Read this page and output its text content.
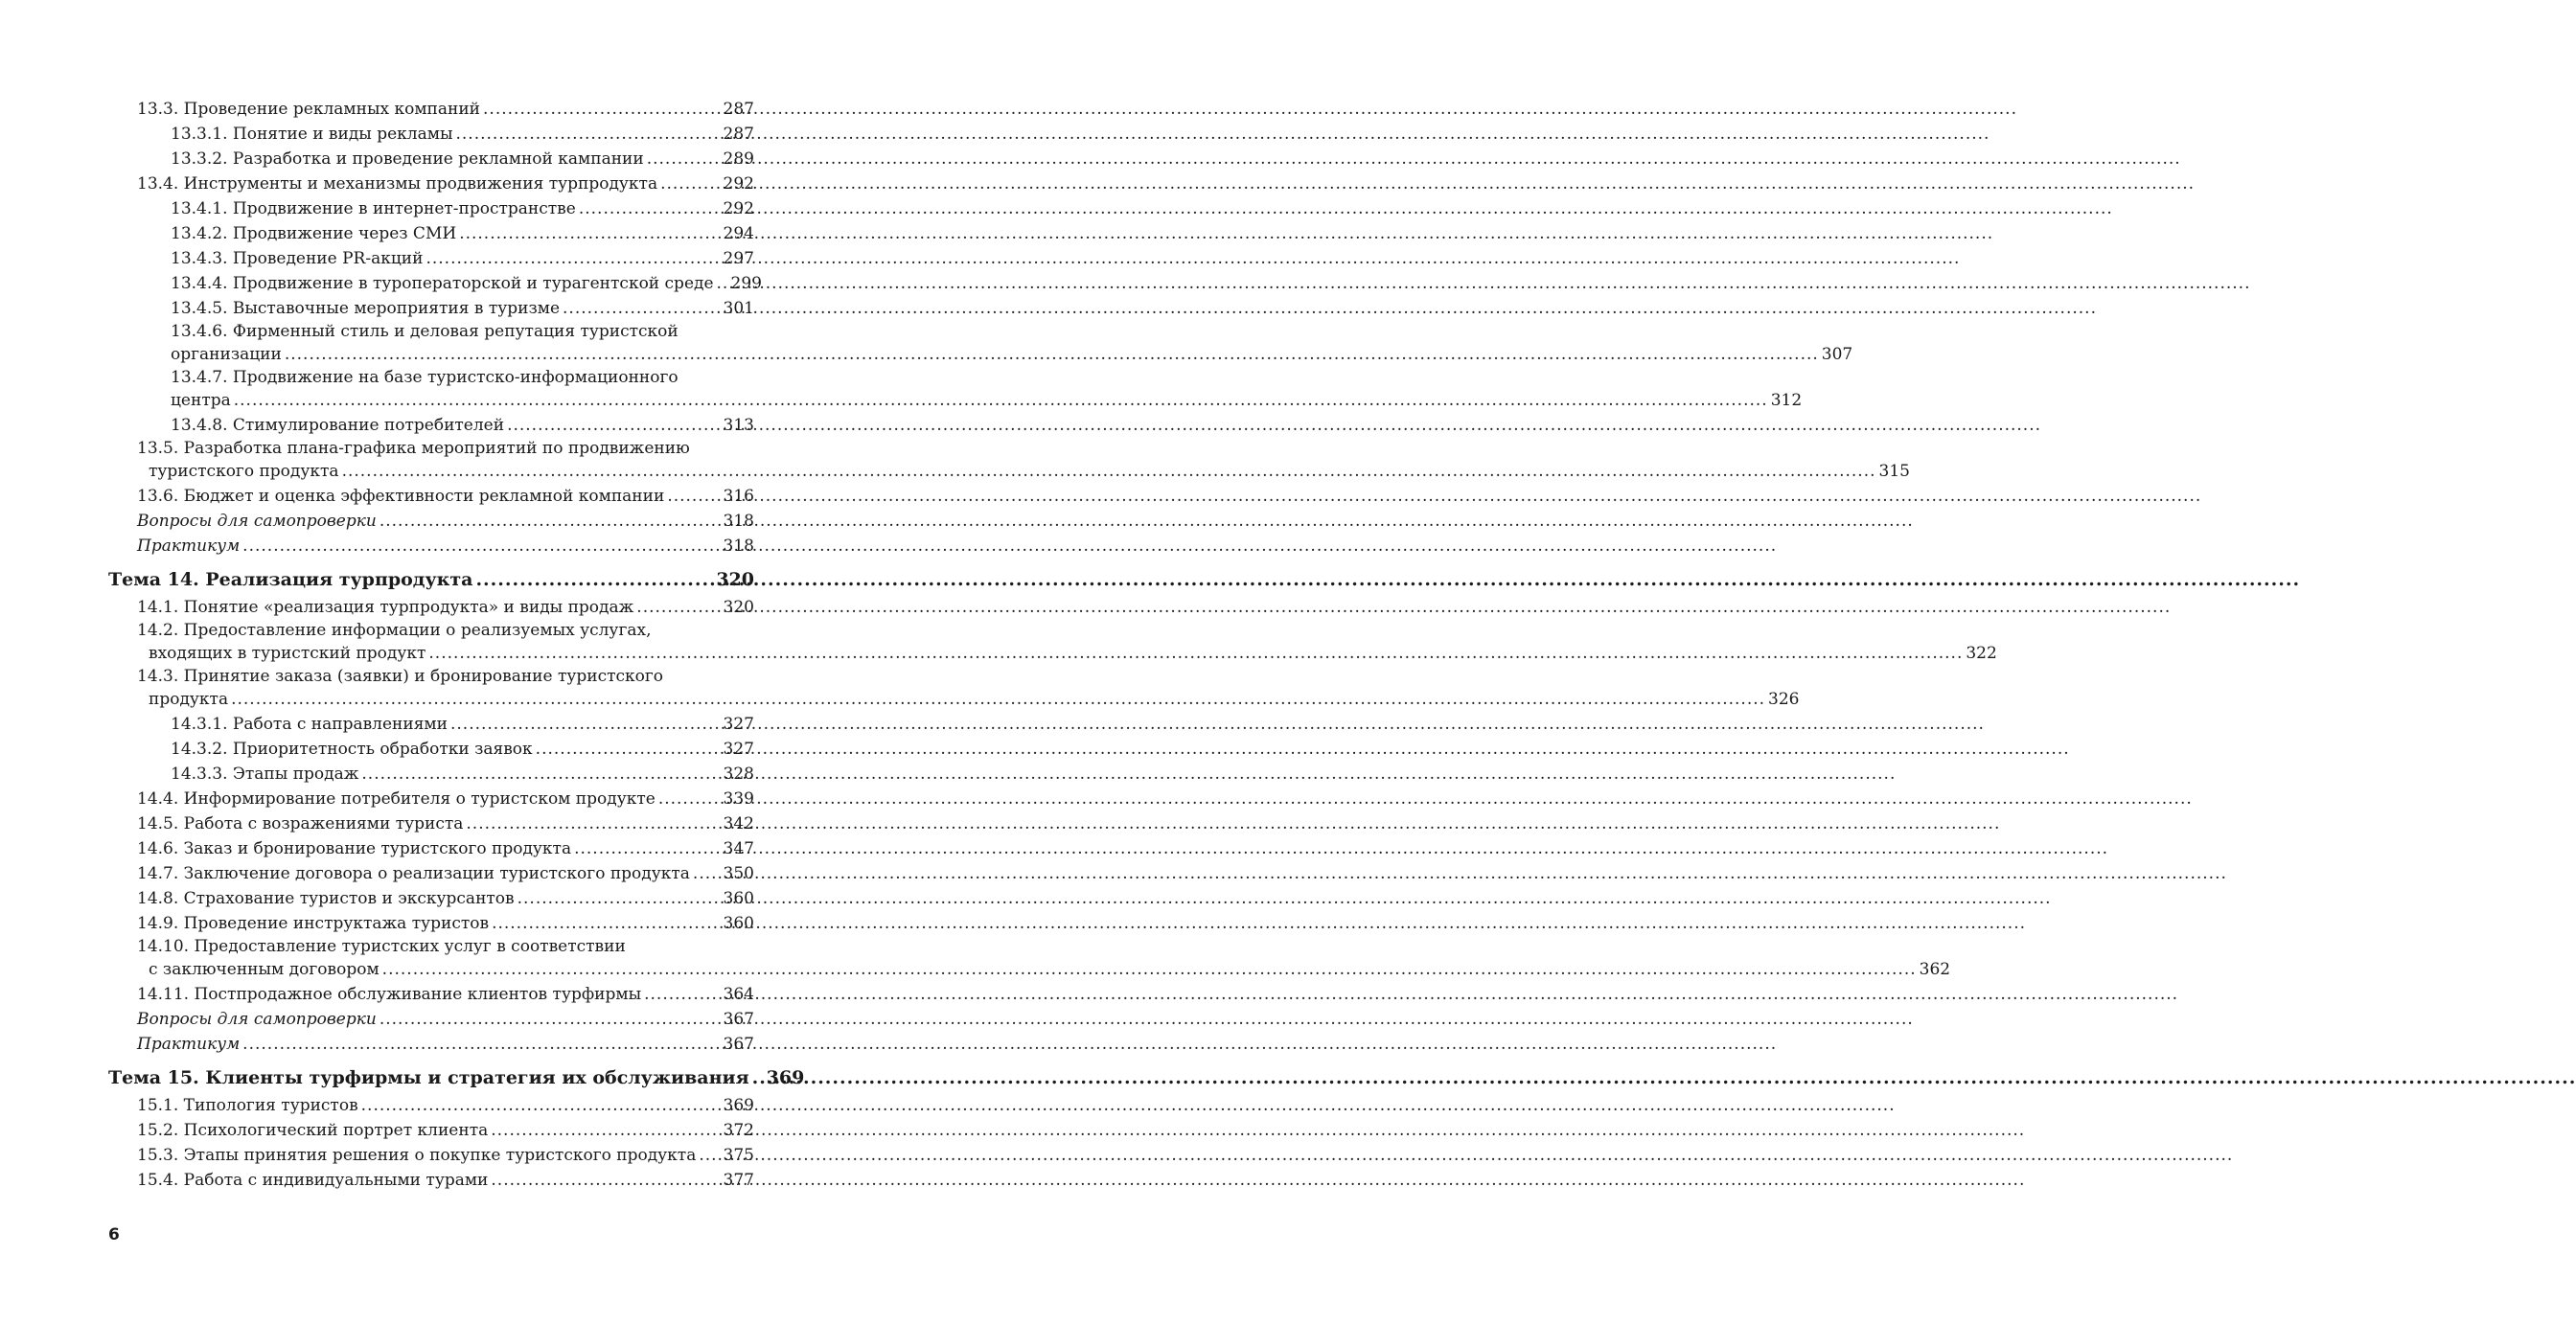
13.3. Проведение рекламных компаний .....	287
13.3.1. Понятие и виды рекламы .....	287
13.3.2. Разработка и проведение рекламной кампании .....	289
13.4. Инструменты и механизмы продвижения турпродукта .....	292
13.4.1. Продвижение в интернет-пространстве .....	292
13.4.2. Продвижение через СМИ .....	294
13.4.3. Проведение PR-акций .....	297
13.4.4. Продвижение в туроператорской и турагентской среде ..... 299
13.4.5. Выставочные мероприятия в туризме .....	301
13.4.6. Фирменный стиль и деловая репутация туристской
организации .....	307
13.4.7. Продвижение на базе туристско-информационного
центра .....	312
13.4.8. Стимулирование потребителей .....	313
13.5. Разработка плана-графика мероприятий по продвижению
туристского продукта .....	315
13.6. Бюджет и оценка эффективности рекламной компании .....	316
Вопросы для самопроверки .....	318
Практикум .....	318
Тема 14. Реализация турпродукта .....	320
14.1. Понятие «реализация турпродукта» и виды продаж .....	320
14.2. Предоставление информации о реализуемых услугах,
входящих в туристский продукт .....	322
14.3. Принятие заказа (заявки) и бронирование туристского
продукта .....	326
14.3.1. Работа с направлениями .....	327
14.3.2. Приоритетность обработки заявок .....	327
14.3.3. Этапы продаж .....	328
14.4. Информирование потребителя о туристском продукте .....	339
14.5. Работа с возражениями туриста .....	342
14.6. Заказ и бронирование туристского продукта .....	347
14.7. Заключение договора о реализации туристского продукта ..... 350
14.8. Страхование туристов и экскурсантов .....	360
14.9. Проведение инструктажа туристов .....	360
14.10. Предоставление туристских услуг в соответствии
с заключенным договором .....	362
14.11. Постпродажное обслуживание клиентов турфирмы .....	364
Вопросы для самопроверки .....	367
Практикум .....	367
Тема 15. Клиенты турфирмы и стратегия их обслуживания ..... 369
15.1. Типология туристов .....	369
15.2. Психологический портрет клиента .....	372
15.3. Этапы принятия решения о покупке туристского продукта ..... 375
15.4. Работа с индивидуальными турами .....	377
6
